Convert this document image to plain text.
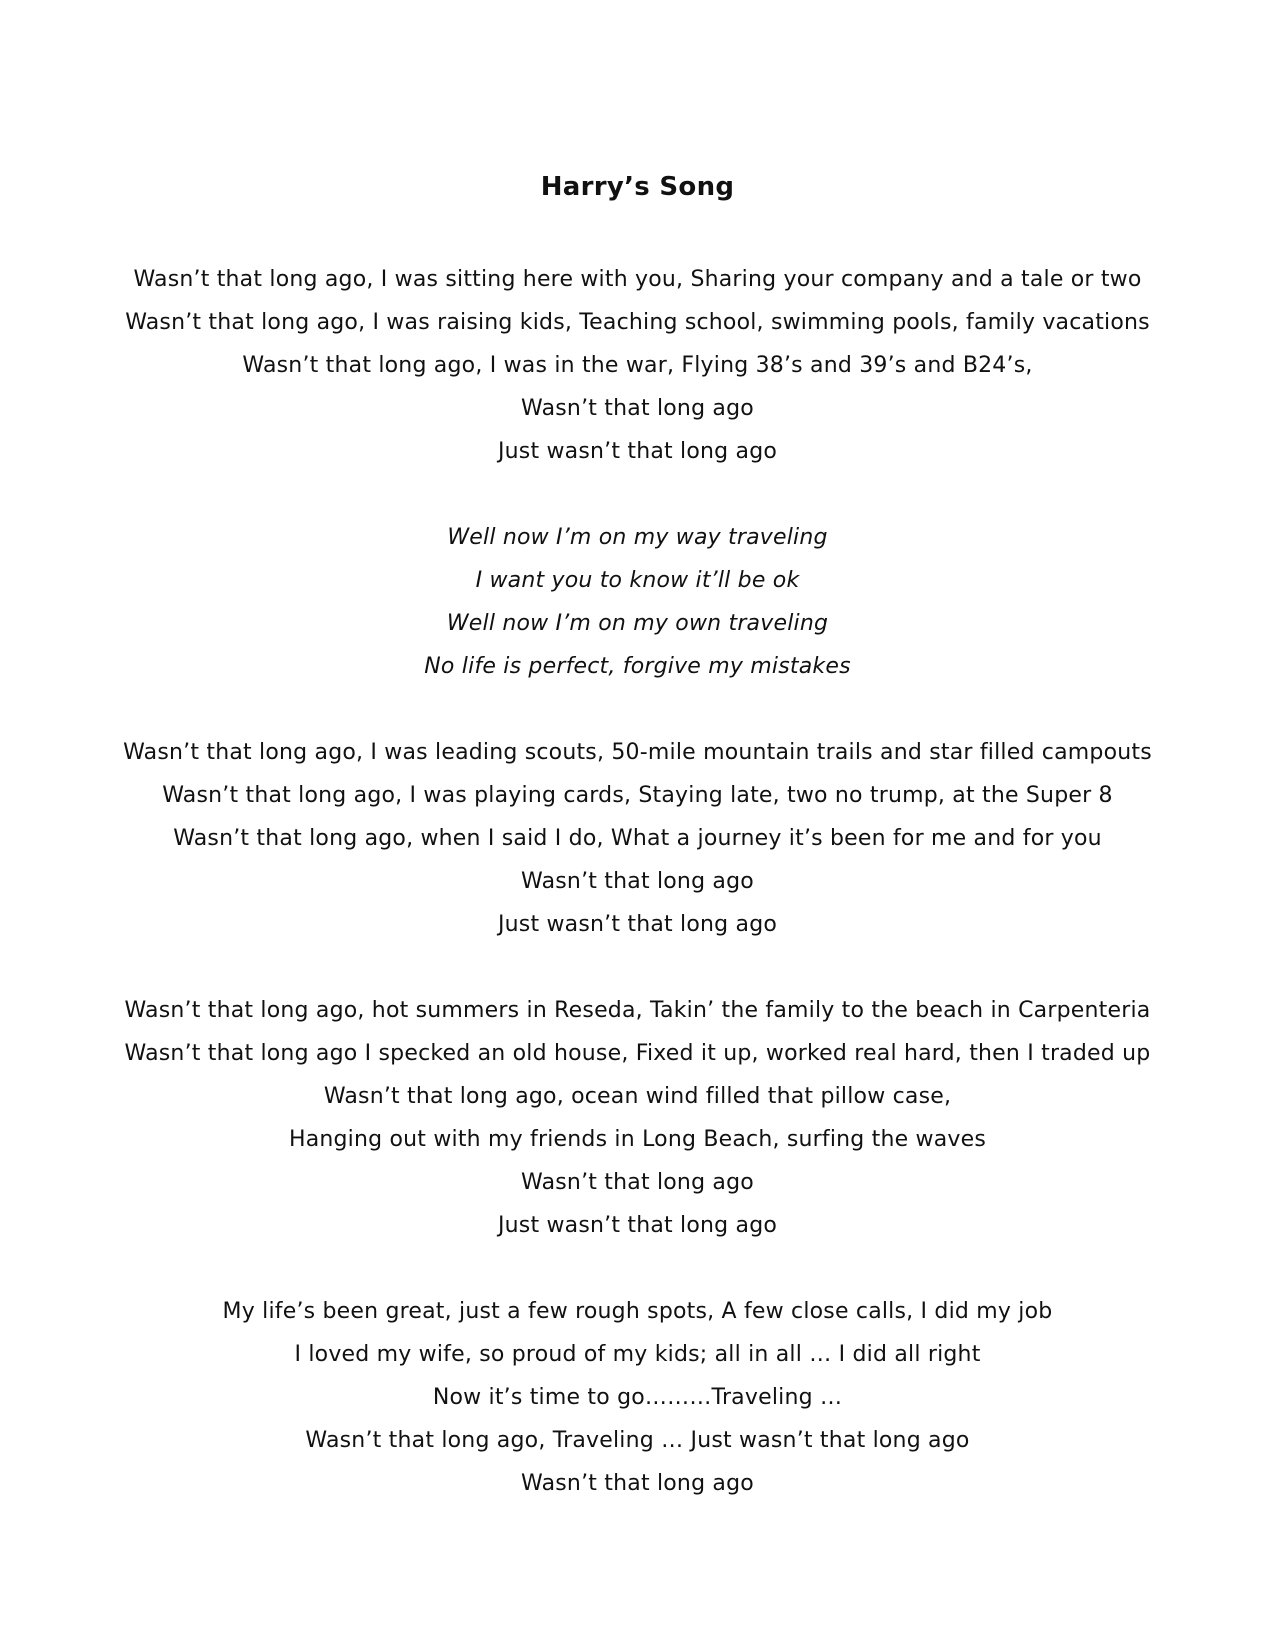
Harry’s Song
Wasn’t that long ago, I was sitting here with you, Sharing your company and a tale or two
Wasn’t that long ago, I was raising kids, Teaching school, swimming pools, family vacations
Wasn’t that long ago, I was in the war, Flying 38’s and 39’s and B24’s,
Wasn’t that long ago
Just wasn’t that long ago
Well now I’m on my way traveling
I want you to know it’ll be ok
Well now I’m on my own traveling
No life is perfect, forgive my mistakes
Wasn’t that long ago, I was leading scouts, 50-mile mountain trails and star filled campouts
Wasn’t that long ago, I was playing cards, Staying late, two no trump, at the Super 8
Wasn’t that long ago, when I said I do, What a journey it’s been for me and for you
Wasn’t that long ago
Just wasn’t that long ago
Wasn’t that long ago, hot summers in Reseda, Takin’ the family to the beach in Carpenteria
Wasn’t that long ago I specked an old house, Fixed it up, worked real hard, then I traded up
Wasn’t that long ago, ocean wind filled that pillow case,
Hanging out with my friends in Long Beach, surfing the waves
Wasn’t that long ago
Just wasn’t that long ago
My life’s been great, just a few rough spots, A few close calls, I did my job
I loved my wife, so proud of my kids; all in all … I did all right
Now it’s time to go………Traveling …
Wasn’t that long ago, Traveling … Just wasn’t that long ago
Wasn’t that long ago
